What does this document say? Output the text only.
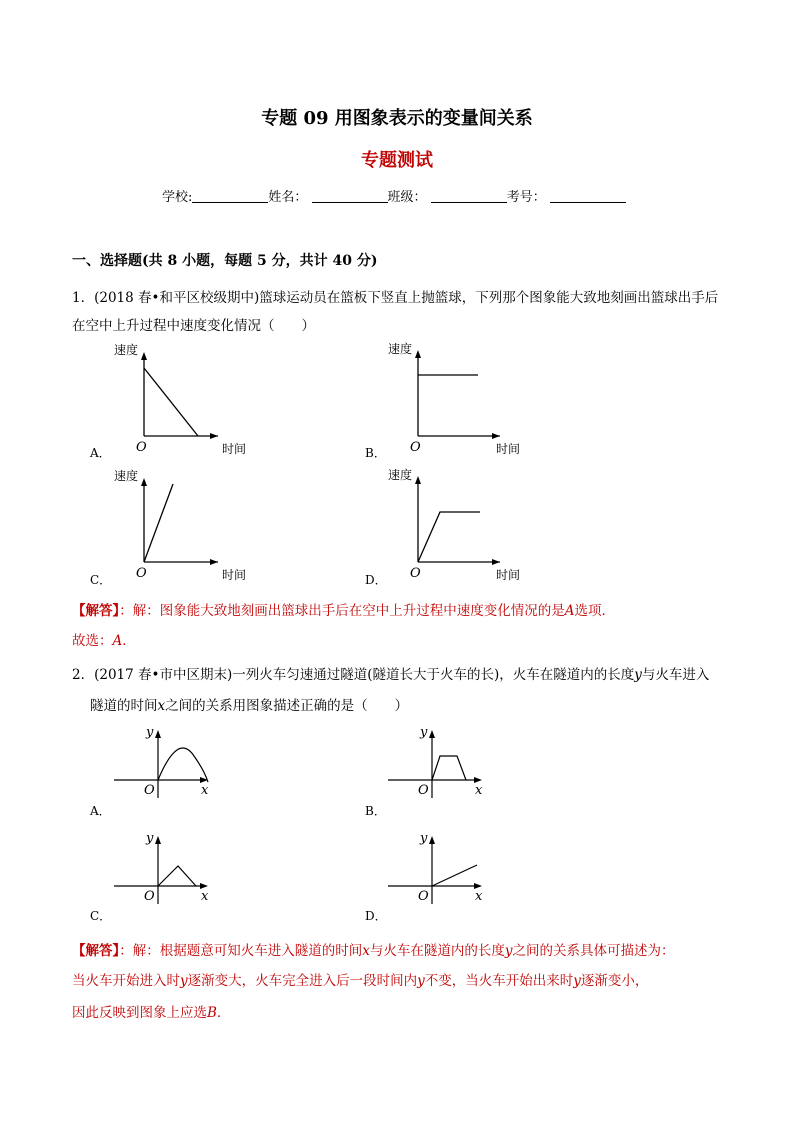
专题 09 用图象表示的变量间关系
专题测试
学校:	姓名：	班级：	考号：
一、选择题(共 8 小题，每题 5 分，共计 40 分)
1．(2018 春•和平区校级期中)篮球运动员在篮板下竖直上抛篮球，下列那个图象能大致地刻画出篮球出手后
在空中上升过程中速度变化情况（　　）
速度
时间
O
A．
速度
时间
O
B．
速度
时间
O
C．
速度
时间
O
D．
【解答】：解：图象能大致地刻画出篮球出手后在空中上升过程中速度变化情况的是A选项．
故选：A．
2．(2017 春•市中区期末)一列火车匀速通过隧道(隧道长大于火车的长)，火车在隧道内的长度y与火车进入
隧道的时间x之间的关系用图象描述正确的是（　　）
y
x
O
A．
y
x
O
B．
y
x
O
C．
y
x
O
D．
【解答】：解：根据题意可知火车进入隧道的时间x与火车在隧道内的长度y之间的关系具体可描述为：
当火车开始进入时y逐渐变大，火车完全进入后一段时间内y不变，当火车开始出来时y逐渐变小，
因此反映到图象上应选B．
